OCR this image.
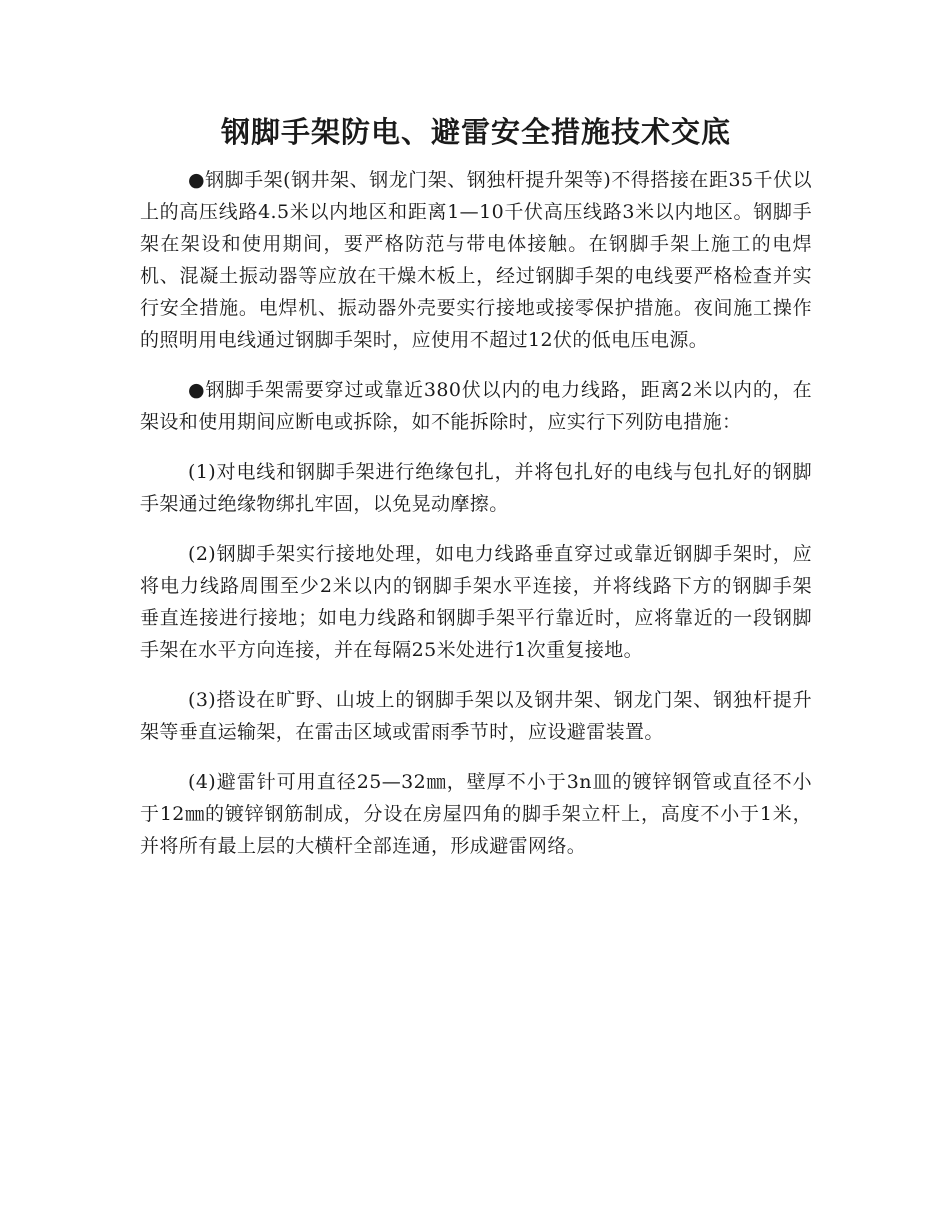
钢脚手架防电、避雷安全措施技术交底

●钢脚手架(钢井架、钢龙门架、钢独杆提升架等)不得搭接在距35千伏以上的高压线路4.5米以内地区和距离1—10千伏高压线路3米以内地区。钢脚手架在架设和使用期间，要严格防范与带电体接触。在钢脚手架上施工的电焊机、混凝土振动器等应放在干燥木板上，经过钢脚手架的电线要严格检查并实行安全措施。电焊机、振动器外壳要实行接地或接零保护措施。夜间施工操作的照明用电线通过钢脚手架时，应使用不超过12伏的低电压电源。

●钢脚手架需要穿过或靠近380伏以内的电力线路，距离2米以内的，在架设和使用期间应断电或拆除，如不能拆除时，应实行下列防电措施：

(1)对电线和钢脚手架进行绝缘包扎，并将包扎好的电线与包扎好的钢脚手架通过绝缘物绑扎牢固，以免晃动摩擦。

(2)钢脚手架实行接地处理，如电力线路垂直穿过或靠近钢脚手架时，应将电力线路周围至少2米以内的钢脚手架水平连接，并将线路下方的钢脚手架垂直连接进行接地；如电力线路和钢脚手架平行靠近时，应将靠近的一段钢脚手架在水平方向连接，并在每隔25米处进行1次重复接地。

(3)搭设在旷野、山坡上的钢脚手架以及钢井架、钢龙门架、钢独杆提升架等垂直运输架，在雷击区域或雷雨季节时，应设避雷装置。

(4)避雷针可用直径25—32㎜，壁厚不小于3n皿的镀锌钢管或直径不小于12㎜的镀锌钢筋制成，分设在房屋四角的脚手架立杆上，高度不小于1米，并将所有最上层的大横杆全部连通，形成避雷网络。
